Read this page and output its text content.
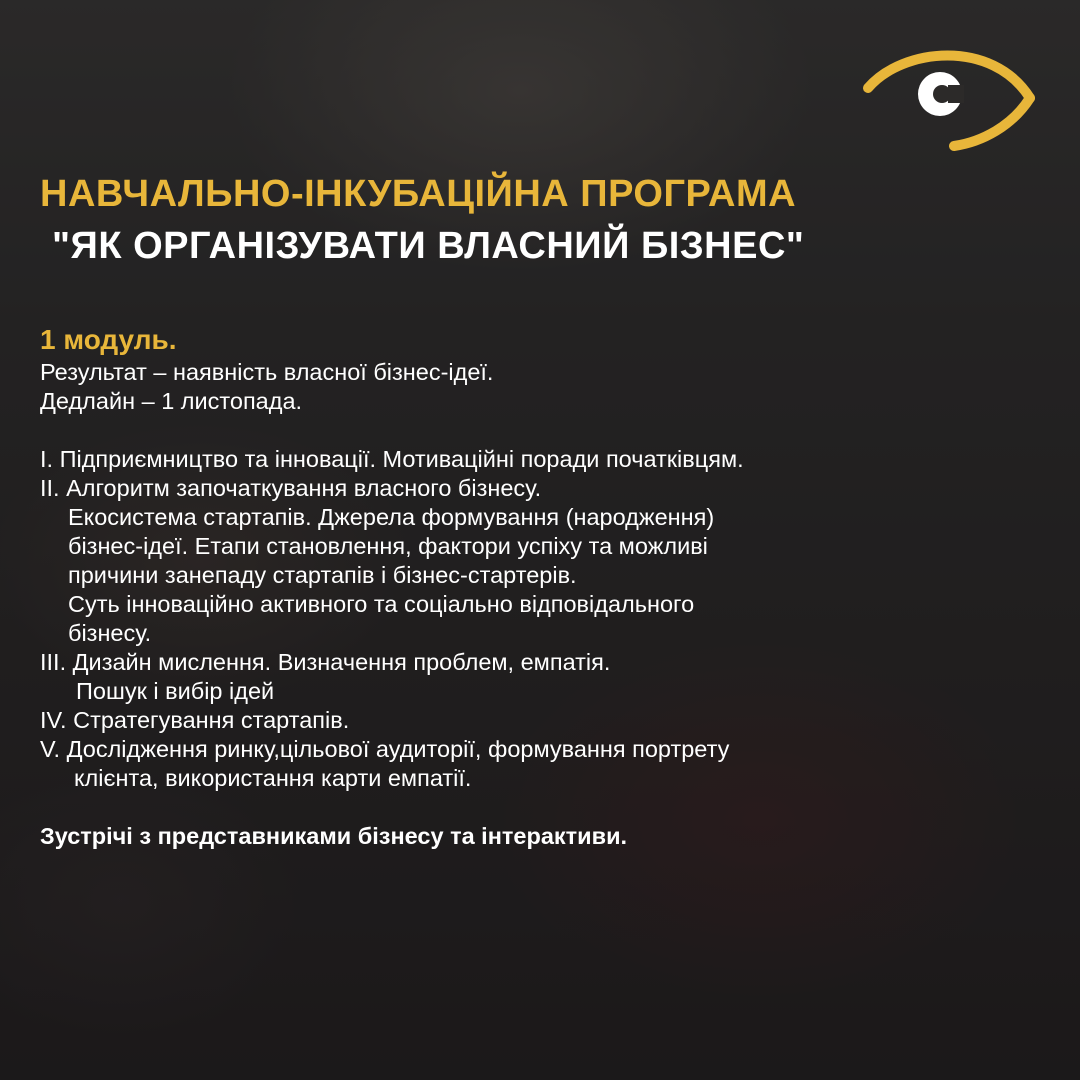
НАВЧАЛЬНО-ІНКУБАЦІЙНА ПРОГРАМА
"ЯК ОРГАНІЗУВАТИ ВЛАСНИЙ БІЗНЕС"

1 модуль.

Результат – наявність власної бізнес-ідеї.

Дедлайн – 1 листопада.

I. Підприємництво та інновації. Мотиваційні поради початківцям.

II. Алгоритм започаткування власного бізнесу.

Екосистема стартапів. Джерела формування (народження)

бізнес-ідеї. Етапи становлення, фактори успіху та можливі

причини занепаду стартапів і бізнес-стартерів.

Суть інноваційно активного та соціально відповідального

бізнесу.

III. Дизайн мислення. Визначення проблем, емпатія.

Пошук і вибір ідей

IV. Стратегування стартапів.

V. Дослідження ринку,цільової аудиторії, формування портрету

клієнта, використання карти емпатії.

Зустрічі з представниками бізнесу та інтерактиви.
